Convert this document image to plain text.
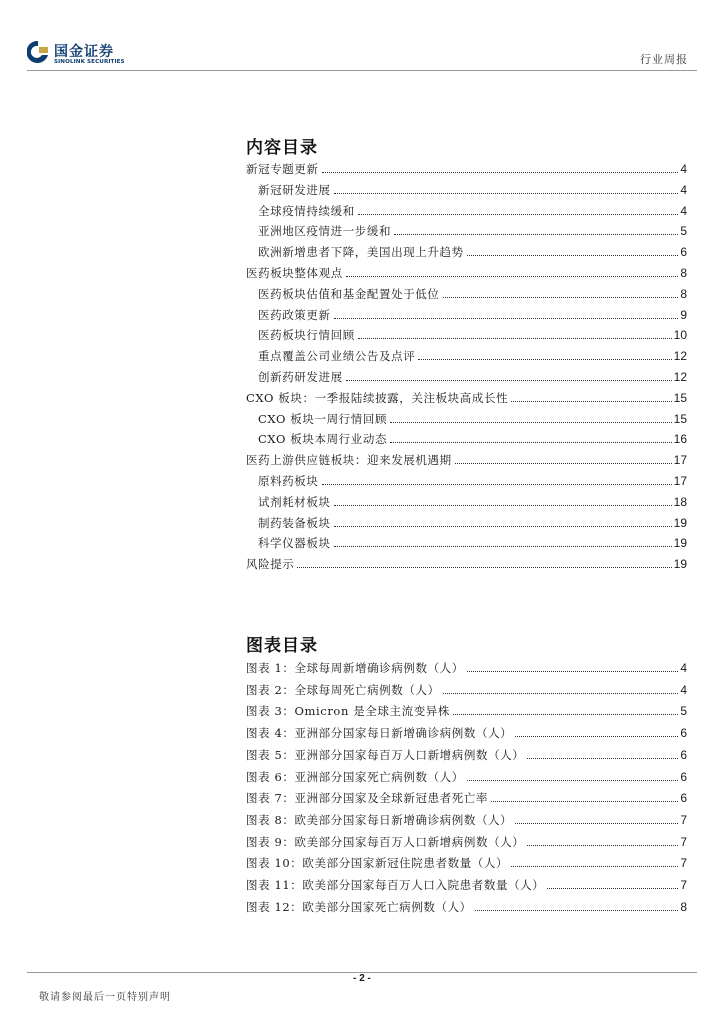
国金证券
SINOLINK SECURITIES	行业周报
内容目录
新冠专题更新	4
新冠研发进展	4
全球疫情持续缓和	4
亚洲地区疫情进一步缓和	5
欧洲新增患者下降，美国出现上升趋势	6
医药板块整体观点	8
医药板块估值和基金配置处于低位	8
医药政策更新	9
医药板块行情回顾	10
重点覆盖公司业绩公告及点评	12
创新药研发进展	12
CXO 板块：一季报陆续披露，关注板块高成长性	15
CXO 板块一周行情回顾	15
CXO 板块本周行业动态	16
医药上游供应链板块：迎来发展机遇期	17
原料药板块	17
试剂耗材板块	18
制药装备板块	19
科学仪器板块	19
风险提示	19
图表目录
图表 1：全球每周新增确诊病例数（人）	4
图表 2：全球每周死亡病例数（人）	4
图表 3：Omicron 是全球主流变异株	5
图表 4：亚洲部分国家每日新增确诊病例数（人）	6
图表 5：亚洲部分国家每百万人口新增病例数（人）	6
图表 6：亚洲部分国家死亡病例数（人）	6
图表 7：亚洲部分国家及全球新冠患者死亡率	6
图表 8：欧美部分国家每日新增确诊病例数（人）	7
图表 9：欧美部分国家每百万人口新增病例数（人）	7
图表 10：欧美部分国家新冠住院患者数量（人）	7
图表 11：欧美部分国家每百万人口入院患者数量（人）	7
图表 12：欧美部分国家死亡病例数（人）	8
- 2 -
敬请参阅最后一页特别声明
